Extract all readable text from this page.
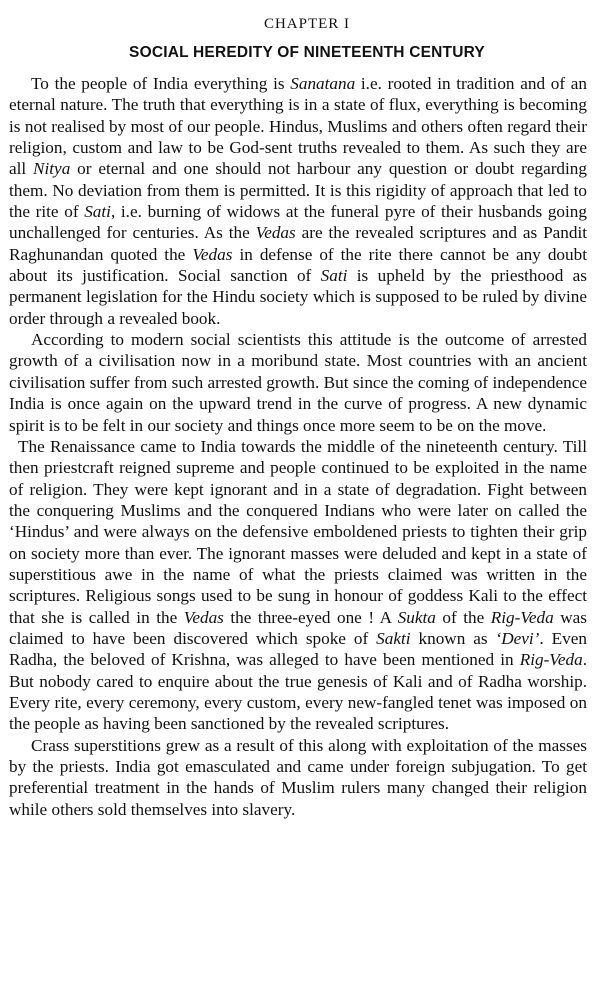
CHAPTER I
SOCIAL HEREDITY OF NINETEENTH CENTURY

To the people of India everything is Sanatana i.e. rooted in tradition and of an eternal nature. The truth that everything is in a state of flux, everything is becoming is not realised by most of our people. Hindus, Muslims and others often regard their religion, custom and law to be God-sent truths revealed to them. As such they are all Nitya or eternal and one should not harbour any question or doubt regarding them. No deviation from them is permitted. It is this rigidity of approach that led to the rite of Sati, i.e. burning of widows at the funeral pyre of their husbands going unchallenged for centuries. As the Vedas are the revealed scriptures and as Pandit Raghunandan quoted the Vedas in defense of the rite there cannot be any doubt about its justification. Social sanction of Sati is upheld by the priesthood as permanent legislation for the Hindu society which is supposed to be ruled by divine order through a revealed book.

According to modern social scientists this attitude is the outcome of arrested growth of a civilisation now in a moribund state. Most countries with an ancient civilisation suffer from such arrested growth. But since the coming of independence India is once again on the upward trend in the curve of progress. A new dynamic spirit is to be felt in our society and things once more seem to be on the move.

The Renaissance came to India towards the middle of the nineteenth century. Till then priestcraft reigned supreme and people continued to be exploited in the name of religion. They were kept ignorant and in a state of degradation. Fight between the conquering Muslims and the conquered Indians who were later on called the ‘Hindus’ and were always on the defensive emboldened priests to tighten their grip on society more than ever. The ignorant masses were deluded and kept in a state of superstitious awe in the name of what the priests claimed was written in the scriptures. Religious songs used to be sung in honour of goddess Kali to the effect that she is called in the Vedas the three-eyed one ! A Sukta of the Rig-Veda was claimed to have been discovered which spoke of Sakti known as ‘Devi’. Even Radha, the beloved of Krishna, was alleged to have been mentioned in Rig-Veda. But nobody cared to enquire about the true genesis of Kali and of Radha worship. Every rite, every ceremony, every custom, every new-fangled tenet was imposed on the people as having been sanctioned by the revealed scriptures.

Crass superstitions grew as a result of this along with exploitation of the masses by the priests. India got emasculated and came under foreign subjugation. To get preferential treatment in the hands of Muslim rulers many changed their religion while others sold themselves into slavery.
